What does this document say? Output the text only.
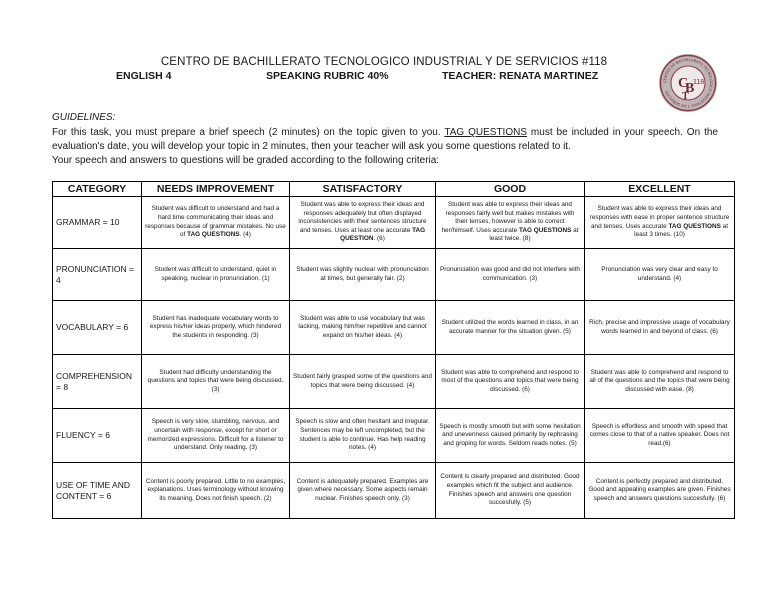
CENTRO DE BACHILLERATO TECNOLOGICO INDUSTRIAL Y DE SERVICIOS #118
ENGLISH 4	SPEAKING RUBRIC 40%	TEACHER: RENATA MARTINEZ	CENTRO DE BACHILLERATO TECNOLOGICO INDUSTRIAL Y DE SERVICIOS
C
B
T
118
GUIDELINES:
For this task, you must prepare a brief speech (2 minutes) on the topic given to you. TAG QUESTIONS must be included in your speech. On the
evaluation's date, you will develop your topic in 2 minutes, then your teacher will ask you some questions related to it.
Your speech and answers to questions will be graded according to the following criteria:
CATEGORY	NEEDS IMPROVEMENT	SATISFACTORY	GOOD	EXCELLENT
GRAMMAR = 10	Student was difficult to understand and had a hard time communicating their ideas and responses because of grammar mistakes. No use of TAG QUESTIONS. (4)	Student was able to express their ideas and responses adequately but often displayed inconsistencies with their sentences structure and tenses. Uses at least one accurate TAG QUESTION. (6)	Student was able to express their ideas and responses fairly well but makes mistakes with their tenses, however is able to correct her/himself. Uses accurate TAG QUESTIONS at least twice. (8)	Student was able to express their ideas and responses with ease in proper sentence structure and tenses. Uses accurate TAG QUESTIONS at least 3 times. (10)
PRONUNCIATION = 4	Student was difficult to understand, quiet in speaking, nuclear in pronunciation. (1)	Student was slightly nuclear with pronunciation at times, but generally fair. (2)	Pronunciation was good and did not interfere with communication. (3)	Pronunciation was very clear and easy to understand. (4)
VOCABULARY = 6	Student has inadequate vocabulary words to express his/her ideas properly, which hindered the students in responding. (3)	Student was able to use vocabulary but was lacking, making him/her repetitive and cannot expand on his/her ideas. (4)	Student utilized the words learned in class, in an accurate manner for the situation given. (5)	Rich, precise and impressive usage of vocabulary words learned in and beyond of class. (6)
COMPREHENSION = 8	Student had difficulty understanding the questions and topics that were being discussed. (3)	Student fairly grasped some of the questions and topics that were being discussed. (4)	Student was able to comprehend and respond to most of the questions and topics that were being discussed. (6)	Student was able to comprehend and respond to all of the questions and the topics that were being discussed with ease. (8)
FLUENCY = 6	Speech is very slow, stumbling, nervous, and uncertain with response, except for short or memorized expressions. Difficult for a listener to understand. Only reading. (3)	Speech is slow and often hesitant and irregular. Sentences may be left uncompleted, but the student is able to continue. Has help reading notes. (4)	Speech is mostly smooth but with some hesitation and unevenness caused primarily by rephrasing and groping for words. Seldom reads notes. (5)	Speech is effortless and smooth with speed that comes close to that of a native speaker. Does not read.(6)
USE OF TIME AND CONTENT = 6	Content is poorly prepared. Little to no examples, explanations. Uses terminology without knowing its meaning. Does not finish speech. (2)	Content is adequately prepared. Examples are given where necessary. Some aspects remain nuclear. Finishes speech only. (3)	Content is clearly prepared and distributed. Good examples which fit the subject and audience. Finishes speech and answers one question succesfully. (5)	Content is perfectly prepared and distributed. Good and appealing examples are given. Finishes speech and answers questions succesfully. (6)
